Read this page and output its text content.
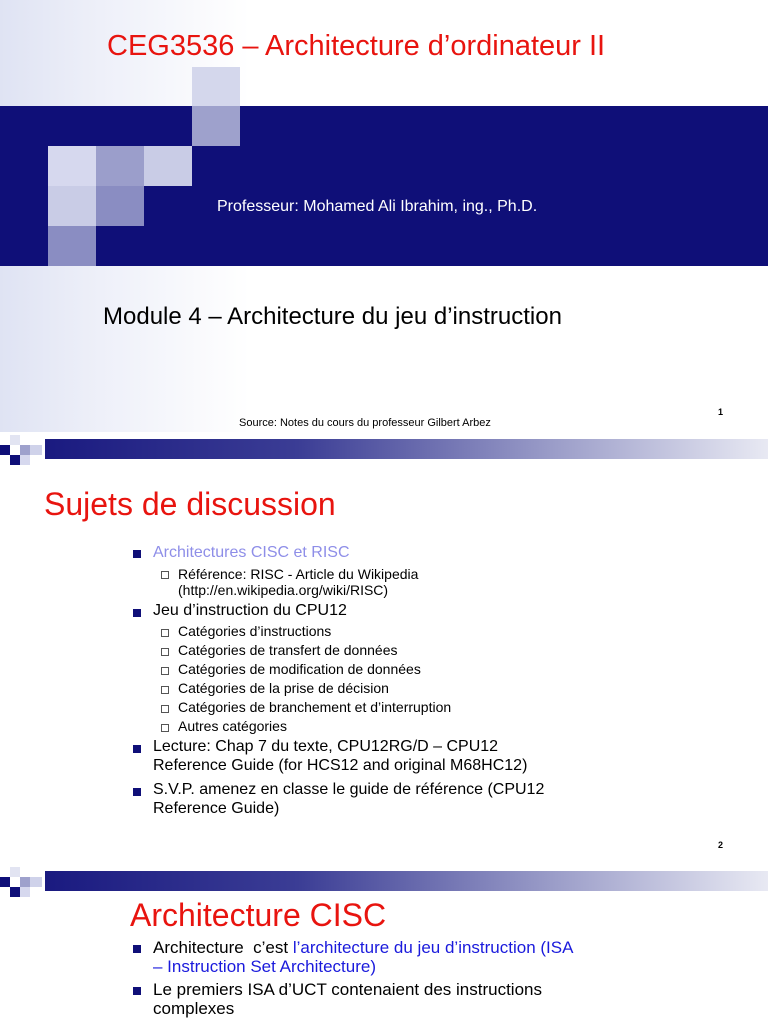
CEG3536 – Architecture d’ordinateur II
Professeur: Mohamed Ali Ibrahim, ing., Ph.D.
Module 4 – Architecture du jeu d’instruction
Source: Notes du cours du professeur Gilbert Arbez
1
Sujets de discussion
Architectures CISC et RISC
Référence: RISC - Article du Wikipedia
(http://en.wikipedia.org/wiki/RISC)
Jeu d’instruction du CPU12
Catégories d’instructions
Catégories de transfert de données
Catégories de modification de données
Catégories de la prise de décision
Catégories de branchement et d’interruption
Autres catégories
Lecture: Chap 7 du texte, CPU12RG/D – CPU12
Reference Guide (for HCS12 and original M68HC12)
S.V.P. amenez en classe le guide de référence (CPU12
Reference Guide)
2
Architecture CISC
Architecture  c’est l’architecture du jeu d’instruction (ISA
– Instruction Set Architecture)
Le premiers ISA d’UCT contenaient des instructions
complexes
